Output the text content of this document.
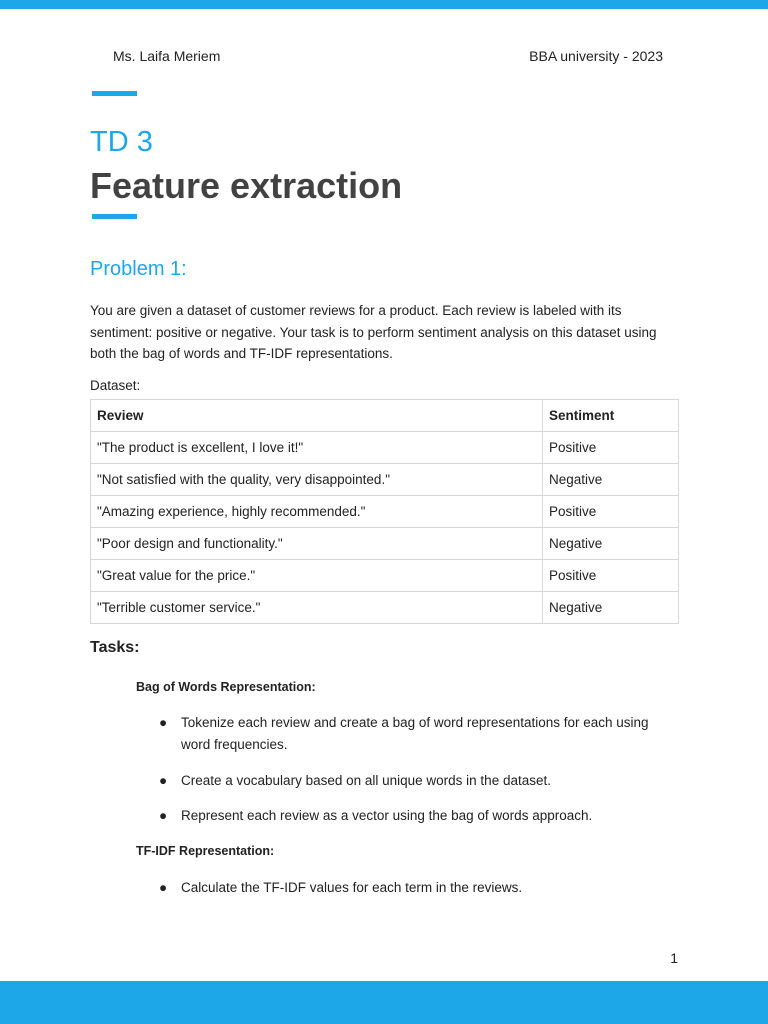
Ms. Laifa Meriem	BBA university - 2023
TD 3
Feature extraction
Problem 1:

You are given a dataset of customer reviews for a product. Each review is labeled with its sentiment: positive or negative. Your task is to perform sentiment analysis on this dataset using both the bag of words and TF-IDF representations.

Dataset:
Review	Sentiment
"The product is excellent, I love it!"	Positive
"Not satisfied with the quality, very disappointed."	Negative
"Amazing experience, highly recommended."	Positive
"Poor design and functionality."	Negative
"Great value for the price."	Positive
"Terrible customer service."	Negative
Tasks:
Bag of Words Representation:
● Tokenize each review and create a bag of word representations for each using word frequencies.
● Create a vocabulary based on all unique words in the dataset.
● Represent each review as a vector using the bag of words approach.
TF-IDF Representation:
● Calculate the TF-IDF values for each term in the reviews.
1
